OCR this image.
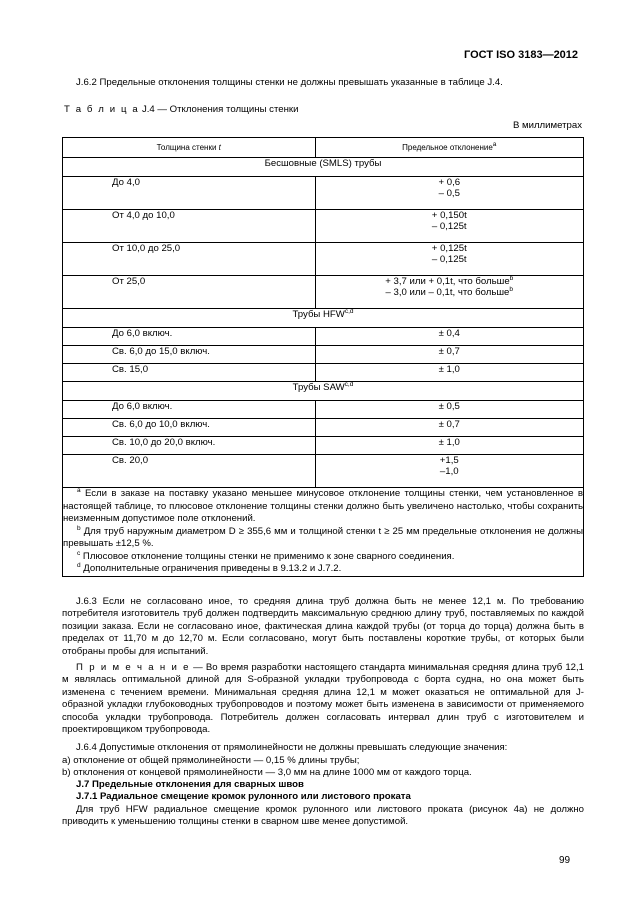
ГОСТ ISO 3183—2012
J.6.2 Предельные отклонения толщины стенки не должны превышать указанные в таблице J.4.
Т а б л и ц а J.4 — Отклонения толщины стенки
В миллиметрах
Толщина стенки t	Предельное отклонение$^a$
Бесшовные (SMLS) трубы	
До 4,0	+ 0,6
– 0,5

От 4,0 до 10,0	+ 0,150t
– 0,125t

От 10,0 до 25,0	+ 0,125t
– 0,125t

От 25,0	+ 3,7 или + 0,1t, что больше$^b$
– 3,0 или – 0,1t, что больше$^b$

Трубы HFW$^{c,d}$
До 6,0 включ.	± 0,4

Св. 6,0 до 15,0 включ.	± 0,7

Св. 15,0	± 1,0

Трубы SAW$^{c,d}$
До 6,0 включ.	± 0,5

Св. 6,0 до 10,0 включ.	± 0,7

Св. 10,0 до 20,0 включ.	± 1,0

Св. 20,0	+1,5
–1,0

$^a$ Если в заказе на поставку указано меньшее минусовое отклонение толщины стенки, чем установленное в настоящей таблице, то плюсовое отклонение толщины стенки должно быть увеличено настолько, чтобы сохранить неизменным допустимое поле отклонений.
$^b$ Для труб наружным диаметром D ≥ 355,6 мм и толщиной стенки t ≥ 25 мм предельные отклонения не должны превышать ±12,5 %.
$^c$ Плюсовое отклонение толщины стенки не применимо к зоне сварного соединения.
$^d$ Дополнительные ограничения приведены в 9.13.2 и J.7.2.	
J.6.3 Если не согласовано иное, то средняя длина труб должна быть не менее 12,1 м. По требованию потребителя изготовитель труб должен подтвердить максимальную среднюю длину труб, поставляемых по каждой позиции заказа. Если не согласовано иное, фактическая длина каждой трубы (от торца до торца) должна быть в пределах от 11,70 м до 12,70 м. Если согласовано, могут быть поставлены короткие трубы, от которых были отобраны пробы для испытаний.
П р и м е ч а н и е — Во время разработки настоящего стандарта минимальная средняя длина труб 12,1 м являлась оптимальной длиной для S-образной укладки трубопровода с борта судна, но она может быть изменена с течением времени. Минимальная средняя длина 12,1 м может оказаться не оптимальной для J-образной укладки глубоководных трубопроводов и поэтому может быть изменена в зависимости от применяемого способа укладки трубопровода. Потребитель должен согласовать интервал длин труб с изготовителем и проектировщиком трубопровода.
J.6.4 Допустимые отклонения от прямолинейности не должны превышать следующие значения:
a) отклонение от общей прямолинейности — 0,15 % длины трубы;
b) отклонения от концевой прямолинейности — 3,0 мм на длине 1000 мм от каждого торца.
J.7 Предельные отклонения для сварных швов
J.7.1 Радиальное смещение кромок рулонного или листового проката
Для труб HFW радиальное смещение кромок рулонного или листового проката (рисунок 4а) не должно приводить к уменьшению толщины стенки в сварном шве менее допустимой.
99
